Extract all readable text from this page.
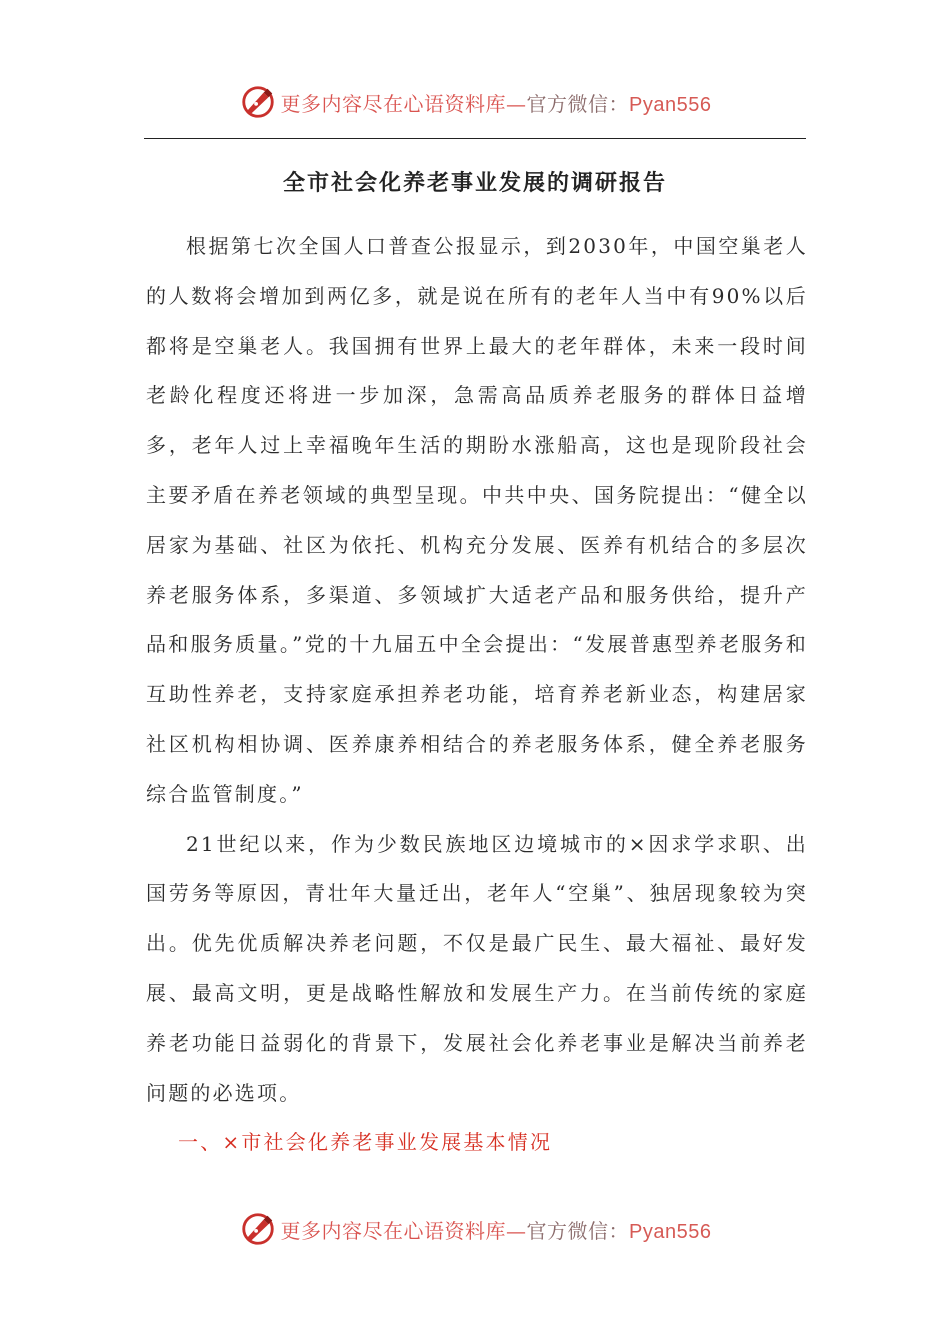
更多内容尽在心语资料库—官方微信：Pyan556
全市社会化养老事业发展的调研报告

根据第七次全国人口普查公报显示，到2030年，中国空巢老人的人数将会增加到两亿多，就是说在所有的老年人当中有90%以后都将是空巢老人。我国拥有世界上最大的老年群体，未来一段时间老龄化程度还将进一步加深，急需高品质养老服务的群体日益增多，老年人过上幸福晚年生活的期盼水涨船高，这也是现阶段社会主要矛盾在养老领域的典型呈现。中共中央、国务院提出：“健全以居家为基础、社区为依托、机构充分发展、医养有机结合的多层次养老服务体系，多渠道、多领域扩大适老产品和服务供给，提升产品和服务质量。”党的十九届五中全会提出：“发展普惠型养老服务和互助性养老，支持家庭承担养老功能，培育养老新业态，构建居家社区机构相协调、医养康养相结合的养老服务体系，健全养老服务综合监管制度。”

21世纪以来，作为少数民族地区边境城市的×因求学求职、出国劳务等原因，青壮年大量迁出，老年人“空巢”、独居现象较为突出。优先优质解决养老问题，不仅是最广民生、最大福祉、最好发展、最高文明，更是战略性解放和发展生产力。在当前传统的家庭养老功能日益弱化的背景下，发展社会化养老事业是解决当前养老问题的必选项。

一、×市社会化养老事业发展基本情况

更多内容尽在心语资料库—官方微信：Pyan556
